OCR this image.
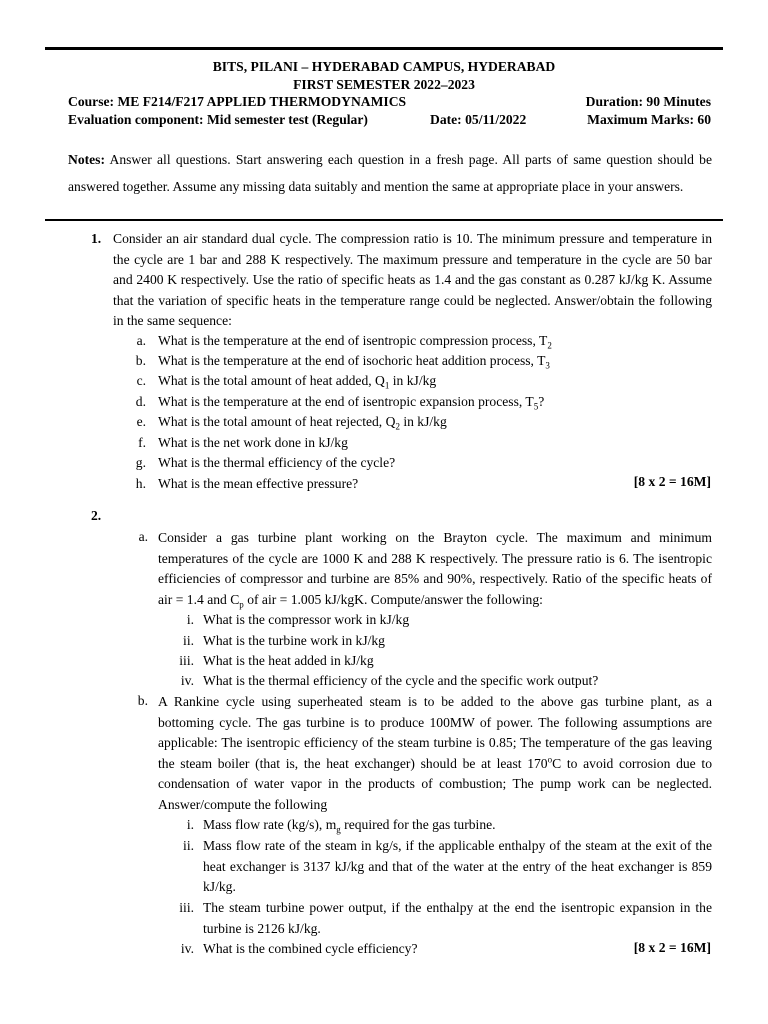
BITS, PILANI – HYDERABAD CAMPUS, HYDERABAD
FIRST SEMESTER 2022–2023
Course: ME F214/F217 APPLIED THERMODYNAMICS	Duration: 90 Minutes
Evaluation component: Mid semester test (Regular)	Date: 05/11/2022	Maximum Marks: 60

Notes: Answer all questions. Start answering each question in a fresh page. All parts of same question should be answered together. Assume any missing data suitably and mention the same at appropriate place in your answers.

1. Consider an air standard dual cycle. The compression ratio is 10. The minimum pressure and temperature in the cycle are 1 bar and 288 K respectively. The maximum pressure and temperature in the cycle are 50 bar and 2400 K respectively. Use the ratio of specific heats as 1.4 and the gas constant as 0.287 kJ/kg K. Assume that the variation of specific heats in the temperature range could be neglected. Answer/obtain the following in the same sequence:
a. What is the temperature at the end of isentropic compression process, $T_2$
b. What is the temperature at the end of isochoric heat addition process, $T_3$
c. What is the total amount of heat added, $Q_1$ in kJ/kg
d. What is the temperature at the end of isentropic expansion process, $T_5$?
e. What is the total amount of heat rejected, $Q_2$ in kJ/kg
f. What is the net work done in kJ/kg
g. What is the thermal efficiency of the cycle?
h. What is the mean effective pressure?	[8 x 2 = 16M]
2.
a. Consider a gas turbine plant working on the Brayton cycle. The maximum and minimum temperatures of the cycle are 1000 K and 288 K respectively. The pressure ratio is 6. The isentropic efficiencies of compressor and turbine are 85% and 90%, respectively. Ratio of the specific heats of air = 1.4 and $C_p$ of air = 1.005 kJ/kgK. Compute/answer the following:

i. What is the compressor work in kJ/kg
ii. What is the turbine work in kJ/kg
iii. What is the heat added in kJ/kg
iv. What is the thermal efficiency of the cycle and the specific work output?
b. A Rankine cycle using superheated steam is to be added to the above gas turbine plant, as a bottoming cycle. The gas turbine is to produce 100MW of power. The following assumptions are applicable: The isentropic efficiency of the steam turbine is 0.85; The temperature of the gas leaving the steam boiler (that is, the heat exchanger) should be at least 170$^o$C to avoid corrosion due to condensation of water vapor in the products of combustion; The pump work can be neglected. Answer/compute the following

i. Mass flow rate (kg/s), $m_g$ required for the gas turbine.
ii. Mass flow rate of the steam in kg/s, if the applicable enthalpy of the steam at the exit of the heat exchanger is 3137 kJ/kg and that of the water at the entry of the heat exchanger is 859 kJ/kg.
iii. The steam turbine power output, if the enthalpy at the end the isentropic expansion in the turbine is 2126 kJ/kg.
iv. What is the combined cycle efficiency?	[8 x 2 = 16M]
